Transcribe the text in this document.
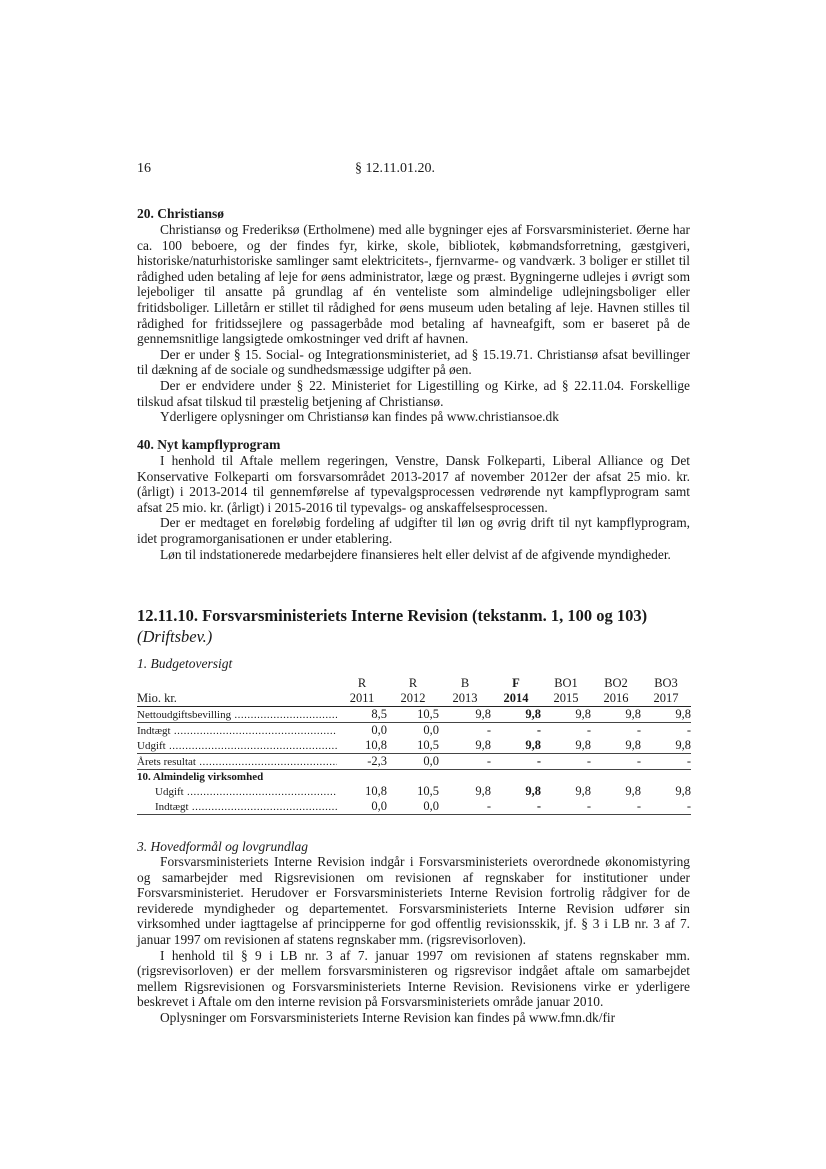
16	§ 12.11.01.20.
20. Christiansø

Christiansø og Frederiksø (Ertholmene) med alle bygninger ejes af Forsvarsministeriet. Øerne har ca. 100 beboere, og der findes fyr, kirke, skole, bibliotek, købmandsforretning, gæstgiveri, historiske/naturhistoriske samlinger samt elektricitets-, fjernvarme- og vandværk. 3 boliger er stillet til rådighed uden betaling af leje for øens administrator, læge og præst. Bygningerne udlejes i øvrigt som lejeboliger til ansatte på grundlag af én venteliste som almindelige udlejningsboliger eller fritidsboliger. Lilletårn er stillet til rådighed for øens museum uden betaling af leje. Havnen stilles til rådighed for fritidssejlere og passagerbåde mod betaling af havneafgift, som er baseret på de gennemsnitlige langsigtede omkostninger ved drift af havnen.

Der er under § 15. Social- og Integrationsministeriet, ad § 15.19.71. Christiansø afsat bevillinger til dækning af de sociale og sundhedsmæssige udgifter på øen.

Der er endvidere under § 22. Ministeriet for Ligestilling og Kirke, ad § 22.11.04. Forskellige tilskud afsat tilskud til præstelig betjening af Christiansø.

Yderligere oplysninger om Christiansø kan findes på www.christiansoe.dk

40. Nyt kampflyprogram

I henhold til Aftale mellem regeringen, Venstre, Dansk Folkeparti, Liberal Alliance og Det Konservative Folkeparti om forsvarsområdet 2013-2017 af november 2012er der afsat 25 mio. kr. (årligt) i 2013-2014 til gennemførelse af typevalgsprocessen vedrørende nyt kampflyprogram samt afsat 25 mio. kr. (årligt) i 2015-2016 til typevalgs- og anskaffelsesprocessen.

Der er medtaget en foreløbig fordeling af udgifter til løn og øvrig drift til nyt kampflyprogram, idet programorganisationen er under etablering.

Løn til indstationerede medarbejdere finansieres helt eller delvist af de afgivende myndigheder.

12.11.10. Forsvarsministeriets Interne Revision (tekstanm. 1, 100 og 103) (Driftsbev.)
1. Budgetoversigt
	R	R	B	F	BO1	BO2	BO3
Mio. kr.	2011	2012	2013	2014	2015	2016	2017
Nettoudgiftsbevilling .....	8,5	10,5	9,8	9,8	9,8	9,8	9,8
Indtægt .....	0,0	0,0	-	-	-	-	-
Udgift .....	10,8	10,5	9,8	9,8	9,8	9,8	9,8
Årets resultat .....	-2,3	0,0	-	-	-	-	-
10. Almindelig virksomhed							
Udgift .....	10,8	10,5	9,8	9,8	9,8	9,8	9,8
Indtægt .....	0,0	0,0	-	-	-	-	-
3. Hovedformål og lovgrundlag

Forsvarsministeriets Interne Revision indgår i Forsvarsministeriets overordnede økonomistyring og samarbejder med Rigsrevisionen om revisionen af regnskaber for institutioner under Forsvarsministeriet. Herudover er Forsvarsministeriets Interne Revision fortrolig rådgiver for de reviderede myndigheder og departementet. Forsvarsministeriets Interne Revision udfører sin virksomhed under iagttagelse af principperne for god offentlig revisionsskik, jf. § 3 i LB nr. 3 af 7. januar 1997 om revisionen af statens regnskaber mm. (rigsrevisorloven).

I henhold til § 9 i LB nr. 3 af 7. januar 1997 om revisionen af statens regnskaber mm. (rigsrevisorloven) er der mellem forsvarsministeren og rigsrevisor indgået aftale om samarbejdet mellem Rigsrevisionen og Forsvarsministeriets Interne Revision. Revisionens virke er yderligere beskrevet i Aftale om den interne revision på Forsvarsministeriets område januar 2010.

Oplysninger om Forsvarsministeriets Interne Revision kan findes på www.fmn.dk/fir
